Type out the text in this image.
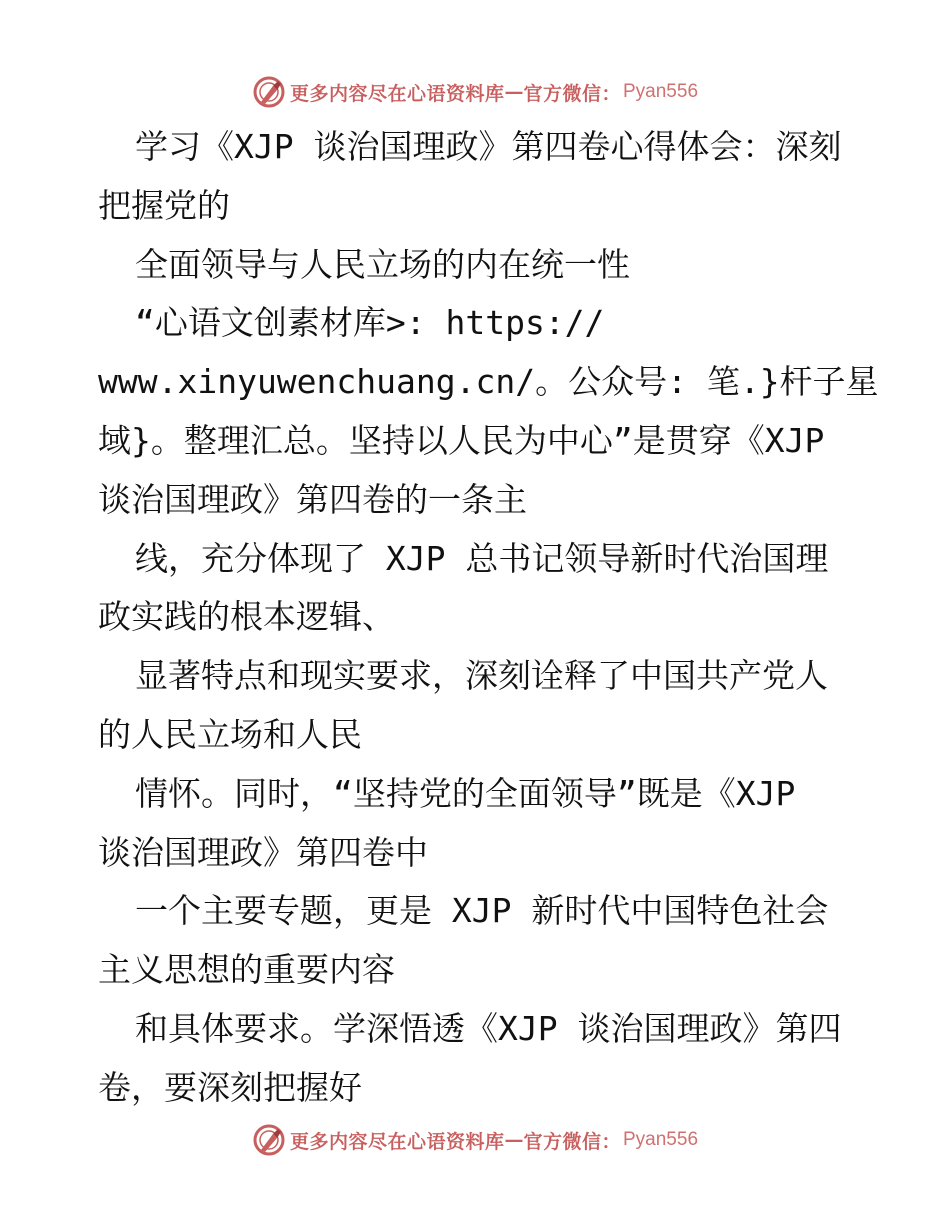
更多内容尽在心语资料库 — 官方微信： Pyan556
学习《XJP 谈治国理政》第四卷心得体会：深刻
把握党的
全面领导与人民立场的内在统一性
“心语文创素材库>: https://
www.xinyuwenchuang.cn/。公众号: 笔.}杆子星
域}。整理汇总。坚持以人民为中心”是贯穿《XJP
谈治国理政》第四卷的一条主
线，充分体现了 XJP 总书记领导新时代治国理
政实践的根本逻辑、
显著特点和现实要求，深刻诠释了中国共产党人
的人民立场和人民
情怀。同时，“坚持党的全面领导”既是《XJP
谈治国理政》第四卷中
一个主要专题，更是 XJP 新时代中国特色社会
主义思想的重要内容
和具体要求。学深悟透《XJP 谈治国理政》第四
卷，要深刻把握好
更多内容尽在心语资料库 — 官方微信： Pyan556
